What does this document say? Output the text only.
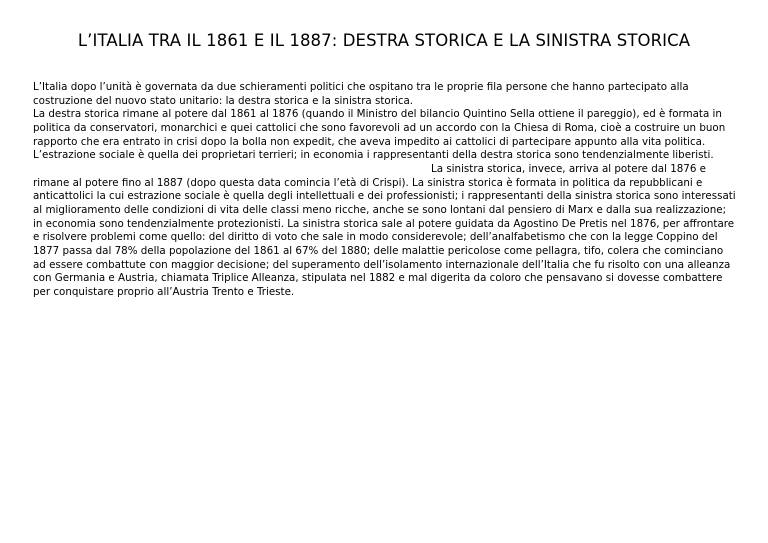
L’ITALIA TRA IL 1861 E IL 1887: DESTRA STORICA E LA SINISTRA STORICA

L’Italia dopo l’unità è governata da due schieramenti politici che ospitano tra le proprie fila persone che hanno partecipato alla costruzione del nuovo stato unitario: la destra storica e la sinistra storica.

La destra storica rimane al potere dal 1861 al 1876 (quando il Ministro del bilancio Quintino Sella ottiene il pareggio), ed è formata in politica da conservatori, monarchici e quei cattolici che sono favorevoli ad un accordo con la Chiesa di Roma, cioè a costruire un buon rapporto che era entrato in crisi dopo la bolla non expedit, che aveva impedito ai cattolici di partecipare appunto alla vita politica. L’estrazione sociale è quella dei proprietari terrieri; in economia i rappresentanti della destra storica sono tendenzialmente liberisti.La sinistra storica, invece, arriva al potere dal 1876 e rimane al potere fino al 1887 (dopo questa data comincia l’età di Crispi). La sinistra storica è formata in politica da repubblicani e anticattolici la cui estrazione sociale è quella degli intellettuali e dei professionisti; i rappresentanti della sinistra storica sono interessati al miglioramento delle condizioni di vita delle classi meno ricche, anche se sono lontani dal pensiero di Marx e dalla sua realizzazione; in economia sono tendenzialmente protezionisti. La sinistra storica sale al potere guidata da Agostino De Pretis nel 1876, per affrontare e risolvere problemi come quello: del diritto di voto che sale in modo considerevole; dell’analfabetismo che con la legge Coppino del 1877 passa dal 78% della popolazione del 1861 al 67% del 1880; delle malattie pericolose come pellagra, tifo, colera che cominciano ad essere combattute con maggior decisione; del superamento dell’isolamento internazionale dell’Italia che fu risolto con una alleanza con Germania e Austria, chiamata Triplice Alleanza, stipulata nel 1882 e mal digerita da coloro che pensavano si dovesse combattere per conquistare proprio all’Austria Trento e Trieste.
